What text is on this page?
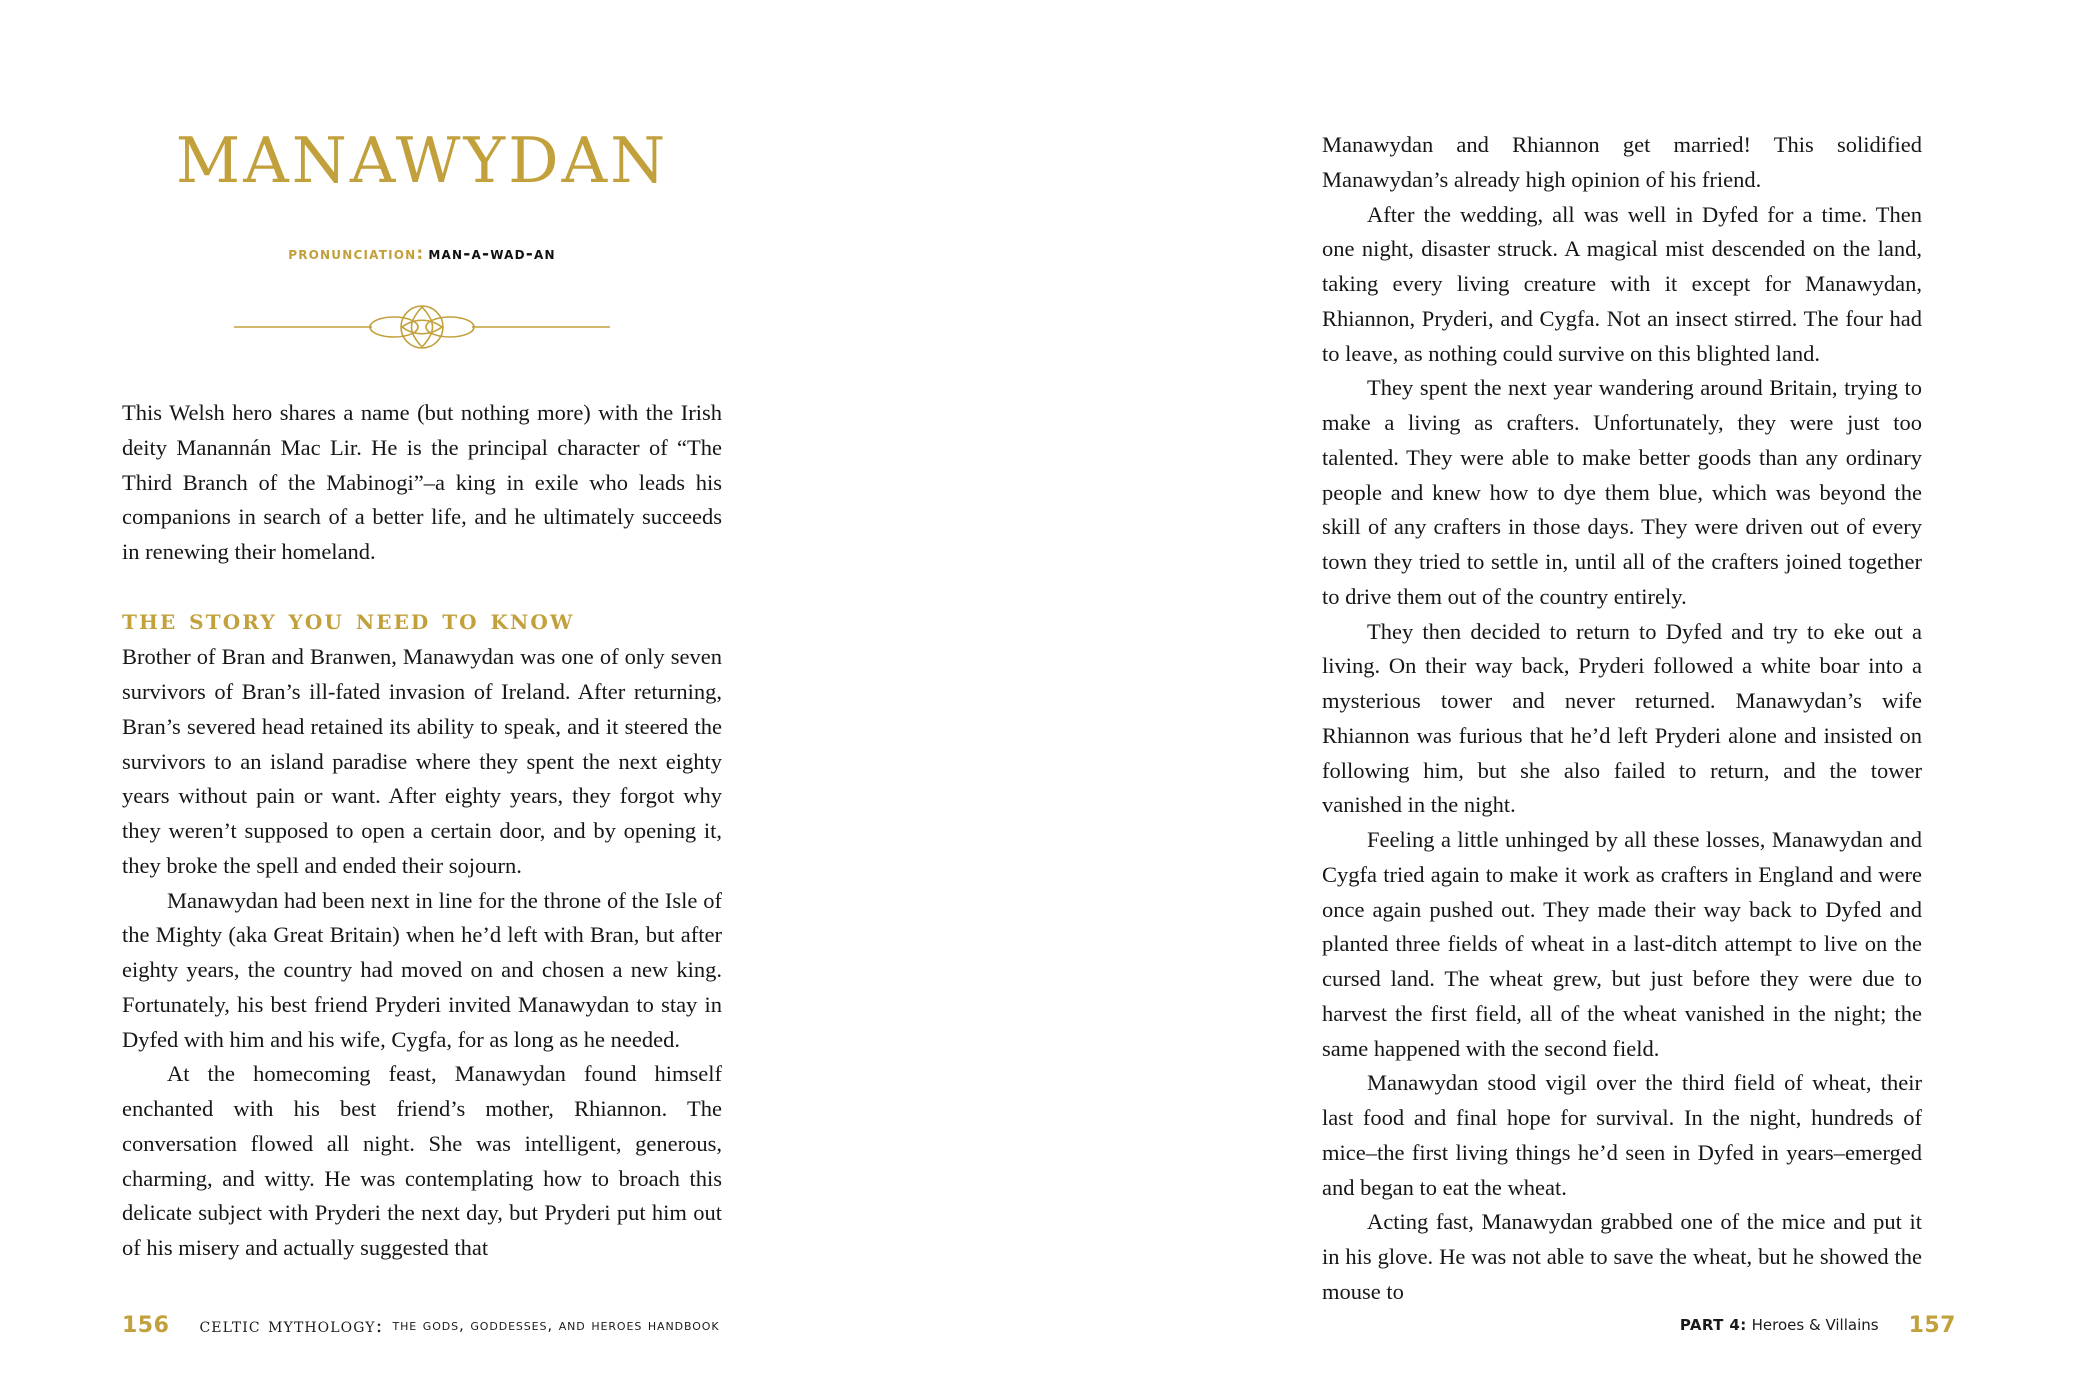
MANAWYDAN
pronunciation: man-a-wad-an

This Welsh hero shares a name (but nothing more) with the Irish deity Manannán Mac Lir. He is the principal character of “The Third Branch of the Mabinogi”–a king in exile who leads his companions in search of a better life, and he ultimately succeeds in renewing their homeland.

the story you need to know

Brother of Bran and Branwen, Manawydan was one of only seven survivors of Bran’s ill-fated invasion of Ireland. After returning, Bran’s severed head retained its ability to speak, and it steered the survivors to an island paradise where they spent the next eighty years without pain or want. After eighty years, they forgot why they weren’t supposed to open a certain door, and by opening it, they broke the spell and ended their sojourn.

Manawydan had been next in line for the throne of the Isle of the Mighty (aka Great Britain) when he’d left with Bran, but after eighty years, the country had moved on and chosen a new king. Fortunately, his best friend Pryderi invited Manawydan to stay in Dyfed with him and his wife, Cygfa, for as long as he needed.

At the homecoming feast, Manawydan found himself enchanted with his best friend’s mother, Rhiannon. The conversation flowed all night. She was intelligent, generous, charming, and witty. He was contemplating how to broach this delicate subject with Pryderi the next day, but Pryderi put him out of his misery and actually suggested that

156 celtic mythology: the gods, goddesses, and heroes handbook

Manawydan and Rhiannon get married! This solidified Manawydan’s already high opinion of his friend.

After the wedding, all was well in Dyfed for a time. Then one night, disaster struck. A magical mist descended on the land, taking every living creature with it except for Manawydan, Rhiannon, Pryderi, and Cygfa. Not an insect stirred. The four had to leave, as nothing could survive on this blighted land.

They spent the next year wandering around Britain, trying to make a living as crafters. Unfortunately, they were just too talented. They were able to make better goods than any ordinary people and knew how to dye them blue, which was beyond the skill of any crafters in those days. They were driven out of every town they tried to settle in, until all of the crafters joined together to drive them out of the country entirely.

They then decided to return to Dyfed and try to eke out a living. On their way back, Pryderi followed a white boar into a mysterious tower and never returned. Manawydan’s wife Rhiannon was furious that he’d left Pryderi alone and insisted on following him, but she also failed to return, and the tower vanished in the night.

Feeling a little unhinged by all these losses, Manawydan and Cygfa tried again to make it work as crafters in England and were once again pushed out. They made their way back to Dyfed and planted three fields of wheat in a last-ditch attempt to live on the cursed land. The wheat grew, but just before they were due to harvest the first field, all of the wheat vanished in the night; the same happened with the second field.

Manawydan stood vigil over the third field of wheat, their last food and final hope for survival. In the night, hundreds of mice–the first living things he’d seen in Dyfed in years–emerged and began to eat the wheat.

Acting fast, Manawydan grabbed one of the mice and put it in his glove. He was not able to save the wheat, but he showed the mouse to

PART 4: Heroes & Villains 157
